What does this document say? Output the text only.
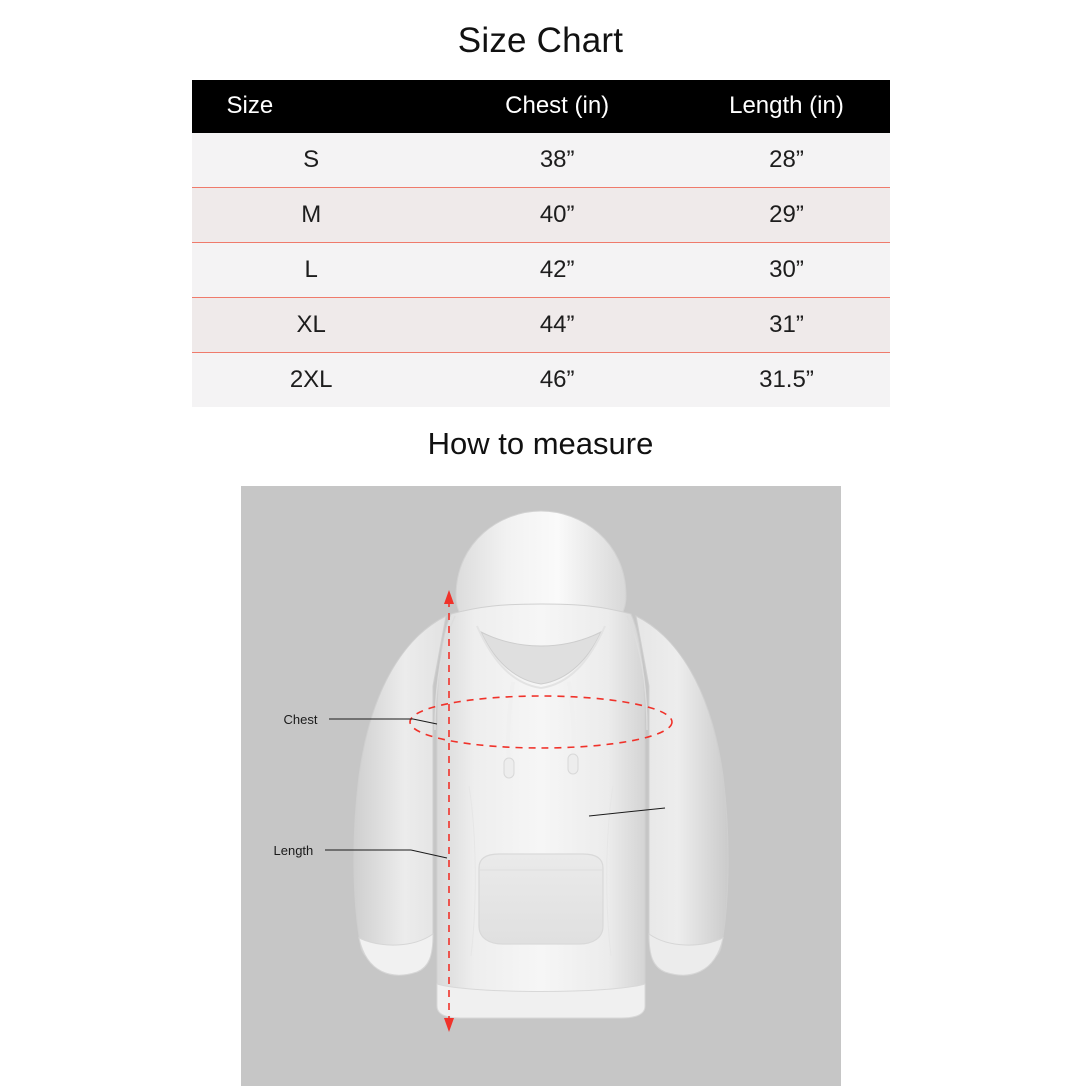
Size Chart
Size	Chest (in)	Length (in)
S	38”	28”
M	40”	29”
L	42”	30”
XL	44”	31”
2XL	46”	31.5”
How to measure
Chest
Length
